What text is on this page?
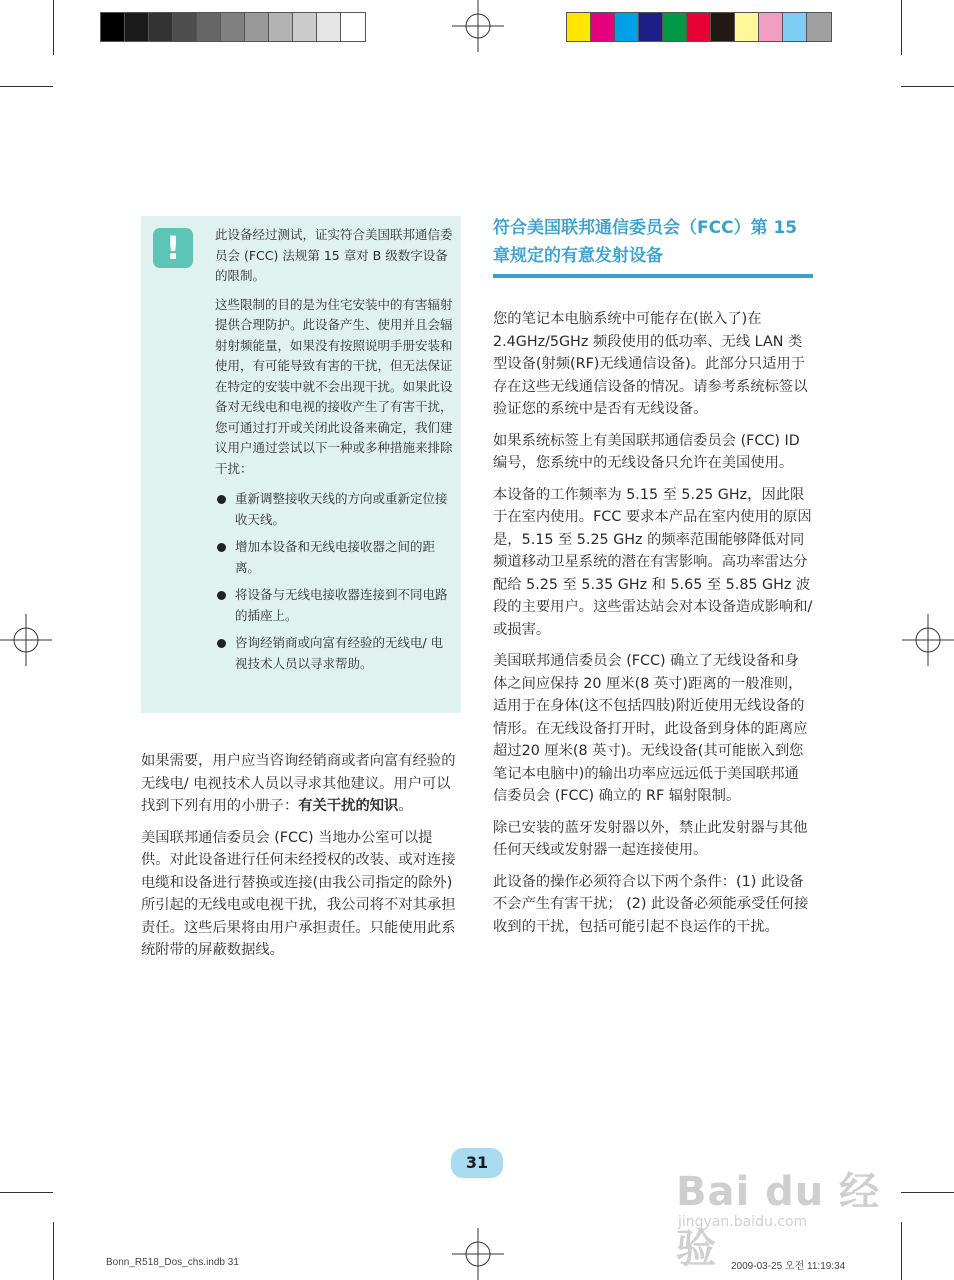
!	此设备经过测试，证实符合美国联邦通信委员会 (FCC) 法规第 15 章对 B 级数字设备的限制。

这些限制的目的是为住宅安装中的有害辐射提供合理防护。此设备产生、使用并且会辐射射频能量，如果没有按照说明手册安装和使用，有可能导致有害的干扰，但无法保证在特定的安装中就不会出现干扰。如果此设备对无线电和电视的接收产生了有害干扰，您可通过打开或关闭此设备来确定，我们建议用户通过尝试以下一种或多种措施来排除干扰：

重新调整接收天线的方向或重新定位接收天线。
增加本设备和无线电接收器之间的距离。
将设备与无线电接收器连接到不同电路的插座上。
咨询经销商或向富有经验的无线电/ 电视技术人员以寻求帮助。

如果需要，用户应当咨询经销商或者向富有经验的无线电/ 电视技术人员以寻求其他建议。用户可以找到下列有用的小册子：有关干扰的知识。

美国联邦通信委员会 (FCC) 当地办公室可以提供。对此设备进行任何未经授权的改装、或对连接电缆和设备进行替换或连接(由我公司指定的除外)所引起的无线电或电视干扰，我公司将不对其承担责任。这些后果将由用户承担责任。只能使用此系统附带的屏蔽数据线。

符合美国联邦通信委员会（FCC）第 15 章规定的有意发射设备

您的笔记本电脑系统中可能存在(嵌入了)在 2.4GHz/5GHz 频段使用的低功率、无线 LAN 类型设备(射频(RF)无线通信设备)。此部分只适用于存在这些无线通信设备的情况。请参考系统标签以验证您的系统中是否有无线设备。

如果系统标签上有美国联邦通信委员会 (FCC) ID 编号，您系统中的无线设备只允许在美国使用。

本设备的工作频率为 5.15 至 5.25 GHz，因此限于在室内使用。FCC 要求本产品在室内使用的原因是，5.15 至 5.25 GHz 的频率范围能够降低对同频道移动卫星系统的潜在有害影响。高功率雷达分配给 5.25 至 5.35 GHz 和 5.65 至 5.85 GHz 波段的主要用户。这些雷达站会对本设备造成影响和/或损害。

美国联邦通信委员会 (FCC) 确立了无线设备和身体之间应保持 20 厘米(8 英寸)距离的一般准则，适用于在身体(这不包括四肢)附近使用无线设备的情形。在无线设备打开时，此设备到身体的距离应超过20 厘米(8 英寸)。无线设备(其可能嵌入到您笔记本电脑中)的输出功率应远远低于美国联邦通信委员会 (FCC) 确立的 RF 辐射限制。

除已安装的蓝牙发射器以外，禁止此发射器与其他任何天线或发射器一起连接使用。

此设备的操作必须符合以下两个条件：(1) 此设备不会产生有害干扰； (2) 此设备必须能承受任何接收到的干扰，包括可能引起不良运作的干扰。

31
Bai du 经验
jingyan.baidu.com
Bonn_R518_Dos_chs.indb 31	2009-03-25 오전 11:19:34
